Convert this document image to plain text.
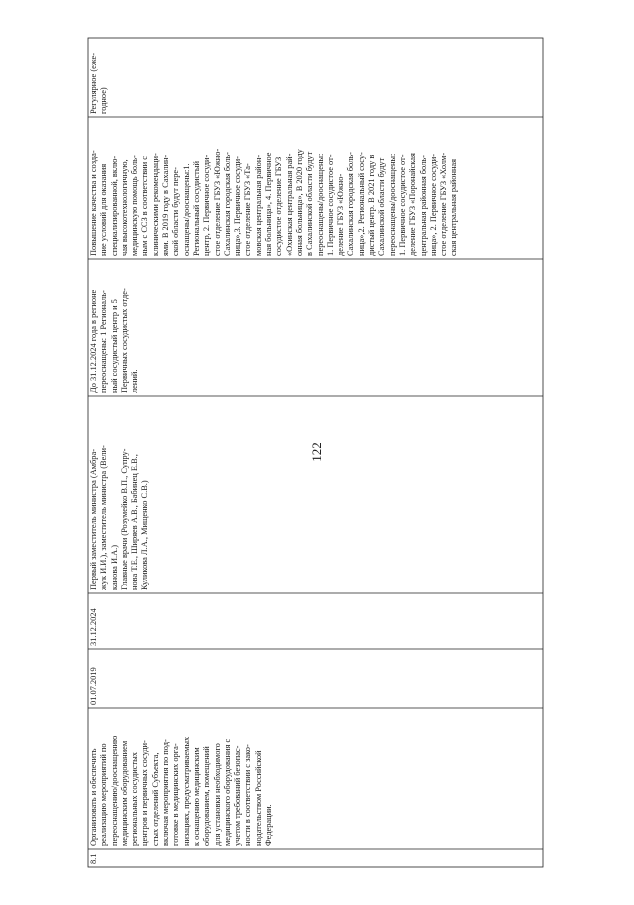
122
8.1
Организовать и обеспечить реализацию мероприятий по переоснащению/дооснащению медицинским оборудованием региональных сосудистых центров и первичных сосуди- стых отделений Субъекта, включая мероприятия по под- готовке в медицинских орга- низациях, предусматриваемых к оснащению медицинским оборудованием, помещений для установки необходимого медицинского оборудования с учетом требований безопас- ности в соответствии с зако- нодательством Российской Федерации.
01.07.2019
31.12.2024
Первый заместитель министра (Амбра- жук И.И.), заместитель министра (Вели- канова И.А.) Главные врачи (Розумейко В.П., Супру- нова Т.Е., Ширяев А.В., Бабинец Е.В., Куликова Л.А., Мищенко С.В.)
До 31.12.2024 года в регионе переоснащены: 1 Региональ- ный сосудистый центр и 5 Первичных сосудистых отде- лений.
Повышение качества и созда- ние условий для оказания специализированной, вклю- чая высокотехнологичную, медицинскую помощь боль- ным с ССЗ в соответствии с клиническими рекомендаци- ями. В 2019 году в Сахалин- ской области будут пере- оснащены/дооснащены:1. Региональный сосудистый центр, 2. Первичное сосуди- стое отделение ГБУЗ «Южно- Сахалинская городская боль- ница»,3. Первичное сосуди- стое отделение ГБУЗ «Та- мовская центральная район- ная больница», 4. Первичное сосудистое отделение ГБУЗ «Охинская центральная рай- онная больница», В 2020 году в Сахалинской области будут переоснащены/дооснащены: 1. Первичное сосудистое от- деление ГБУЗ «Южно- Сахалинская городская боль- ница»,2. Региональный сосу- дистый центр. В 2021 году в Сахалинской области будут переоснащены/дооснащены: 1. Первичное сосудистое от- деление ГБУЗ «Поронайская центральная районная боль- ница», 2. Первичное сосуди- стое отделение ГБУЗ «Холм- ская центральная районная
Регулярное (еже- годное)
